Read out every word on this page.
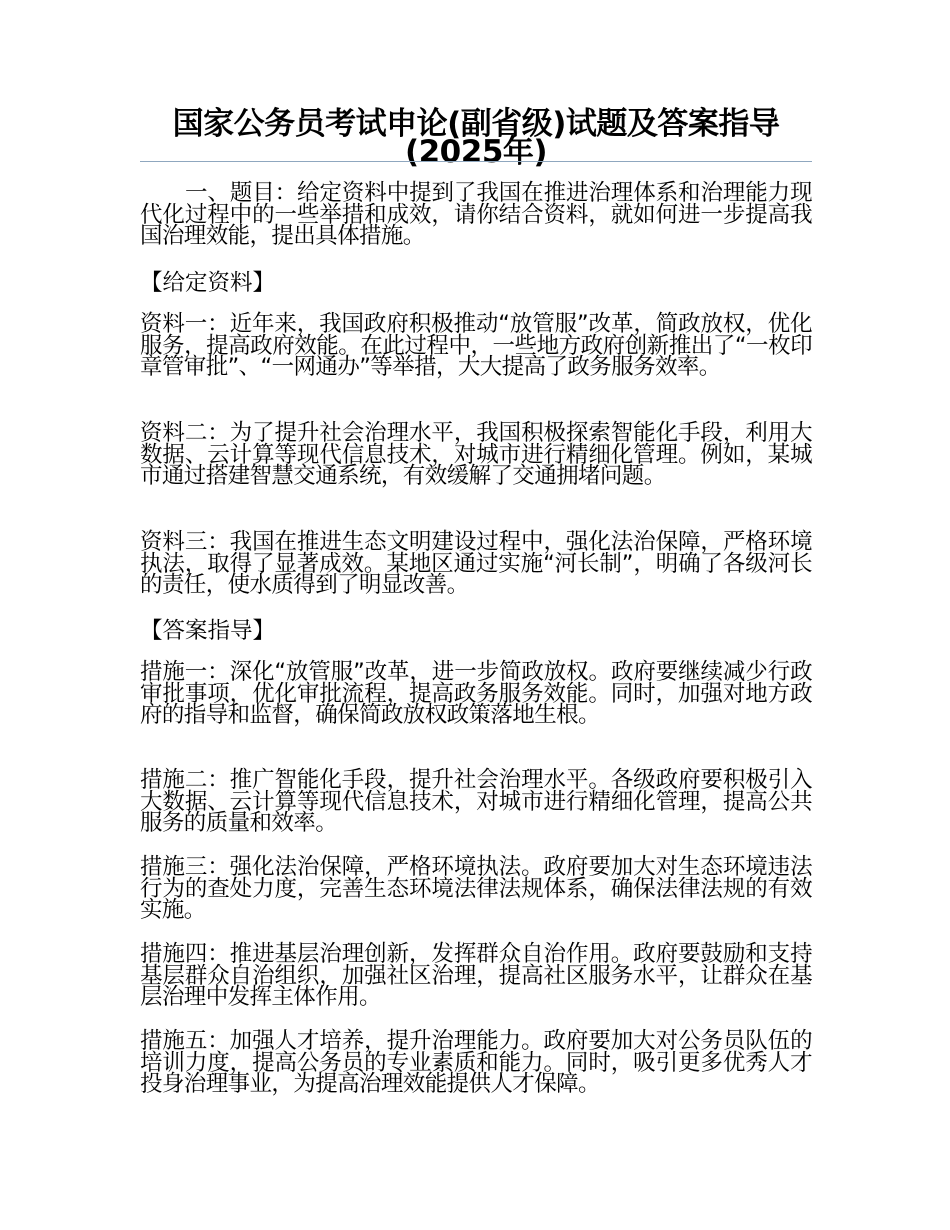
国家公务员考试申论(副省级)试题及答案指导(2025年)

一、题目：给定资料中提到了我国在推进治理体系和治理能力现代化过程中的一些举措和成效，请你结合资料，就如何进一步提高我国治理效能，提出具体措施。

【给定资料】

资料一：近年来，我国政府积极推动“放管服”改革，简政放权，优化服务，提高政府效能。在此过程中，一些地方政府创新推出了“一枚印章管审批”、“一网通办”等举措，大大提高了政务服务效率。

资料二：为了提升社会治理水平，我国积极探索智能化手段，利用大数据、云计算等现代信息技术，对城市进行精细化管理。例如，某城市通过搭建智慧交通系统，有效缓解了交通拥堵问题。

资料三：我国在推进生态文明建设过程中，强化法治保障，严格环境执法，取得了显著成效。某地区通过实施“河长制”，明确了各级河长的责任，使水质得到了明显改善。

【答案指导】

措施一：深化“放管服”改革，进一步简政放权。政府要继续减少行政审批事项，优化审批流程，提高政务服务效能。同时，加强对地方政府的指导和监督，确保简政放权政策落地生根。

措施二：推广智能化手段，提升社会治理水平。各级政府要积极引入大数据、云计算等现代信息技术，对城市进行精细化管理，提高公共服务的质量和效率。

措施三：强化法治保障，严格环境执法。政府要加大对生态环境违法行为的查处力度，完善生态环境法律法规体系，确保法律法规的有效实施。

措施四：推进基层治理创新，发挥群众自治作用。政府要鼓励和支持基层群众自治组织，加强社区治理，提高社区服务水平，让群众在基层治理中发挥主体作用。

措施五：加强人才培养，提升治理能力。政府要加大对公务员队伍的培训力度，提高公务员的专业素质和能力。同时，吸引更多优秀人才投身治理事业，为提高治理效能提供人才保障。
